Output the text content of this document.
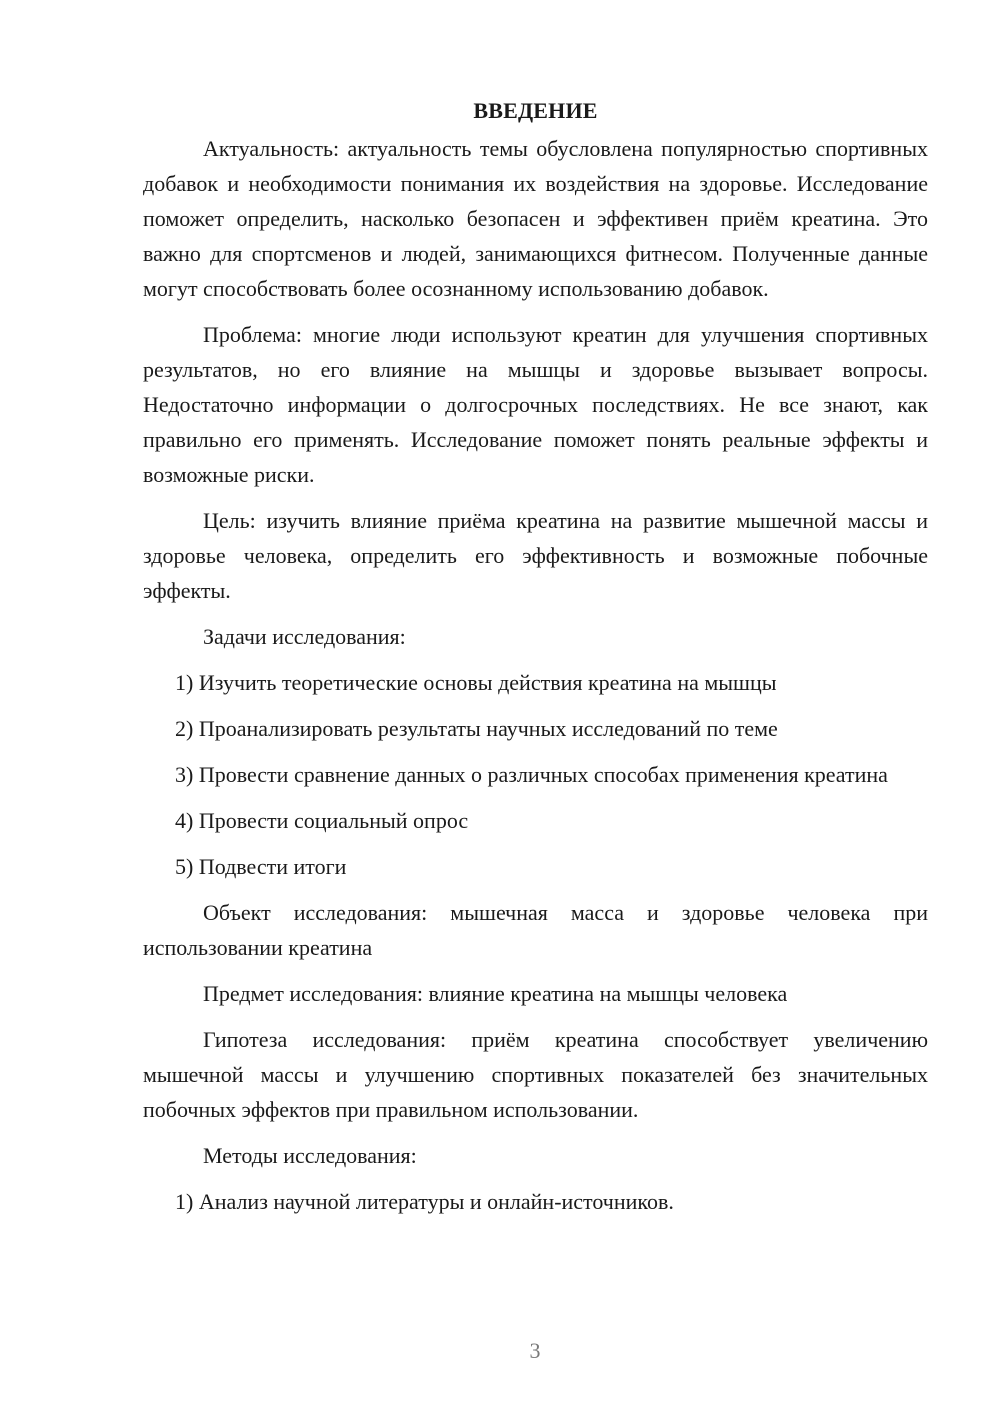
ВВЕДЕНИЕ

Актуальность: актуальность темы обусловлена популярностью спортивных добавок и необходимости понимания их воздействия на здоровье. Исследование поможет определить, насколько безопасен и эффективен приём креатина. Это важно для спортсменов и людей, занимающихся фитнесом. Полученные данные могут способствовать более осознанному использованию добавок.

Проблема: многие люди используют креатин для улучшения спортивных результатов, но его влияние на мышцы и здоровье вызывает вопросы. Недостаточно информации о долгосрочных последствиях. Не все знают, как правильно его применять. Исследование поможет понять реальные эффекты и возможные риски.

Цель: изучить влияние приёма креатина на развитие мышечной массы и здоровье человека, определить его эффективность и возможные побочные эффекты.

Задачи исследования:

1) Изучить теоретические основы действия креатина на мышцы

2) Проанализировать результаты научных исследований по теме

3) Провести сравнение данных о различных способах применения креатина

4) Провести социальный опрос

5) Подвести итоги

Объект исследования: мышечная масса и здоровье человека при использовании креатина

Предмет исследования: влияние креатина на мышцы человека

Гипотеза исследования: приём креатина способствует увеличению мышечной массы и улучшению спортивных показателей без значительных побочных эффектов при правильном использовании.

Методы исследования:

1) Анализ научной литературы и онлайн-источников.

3
